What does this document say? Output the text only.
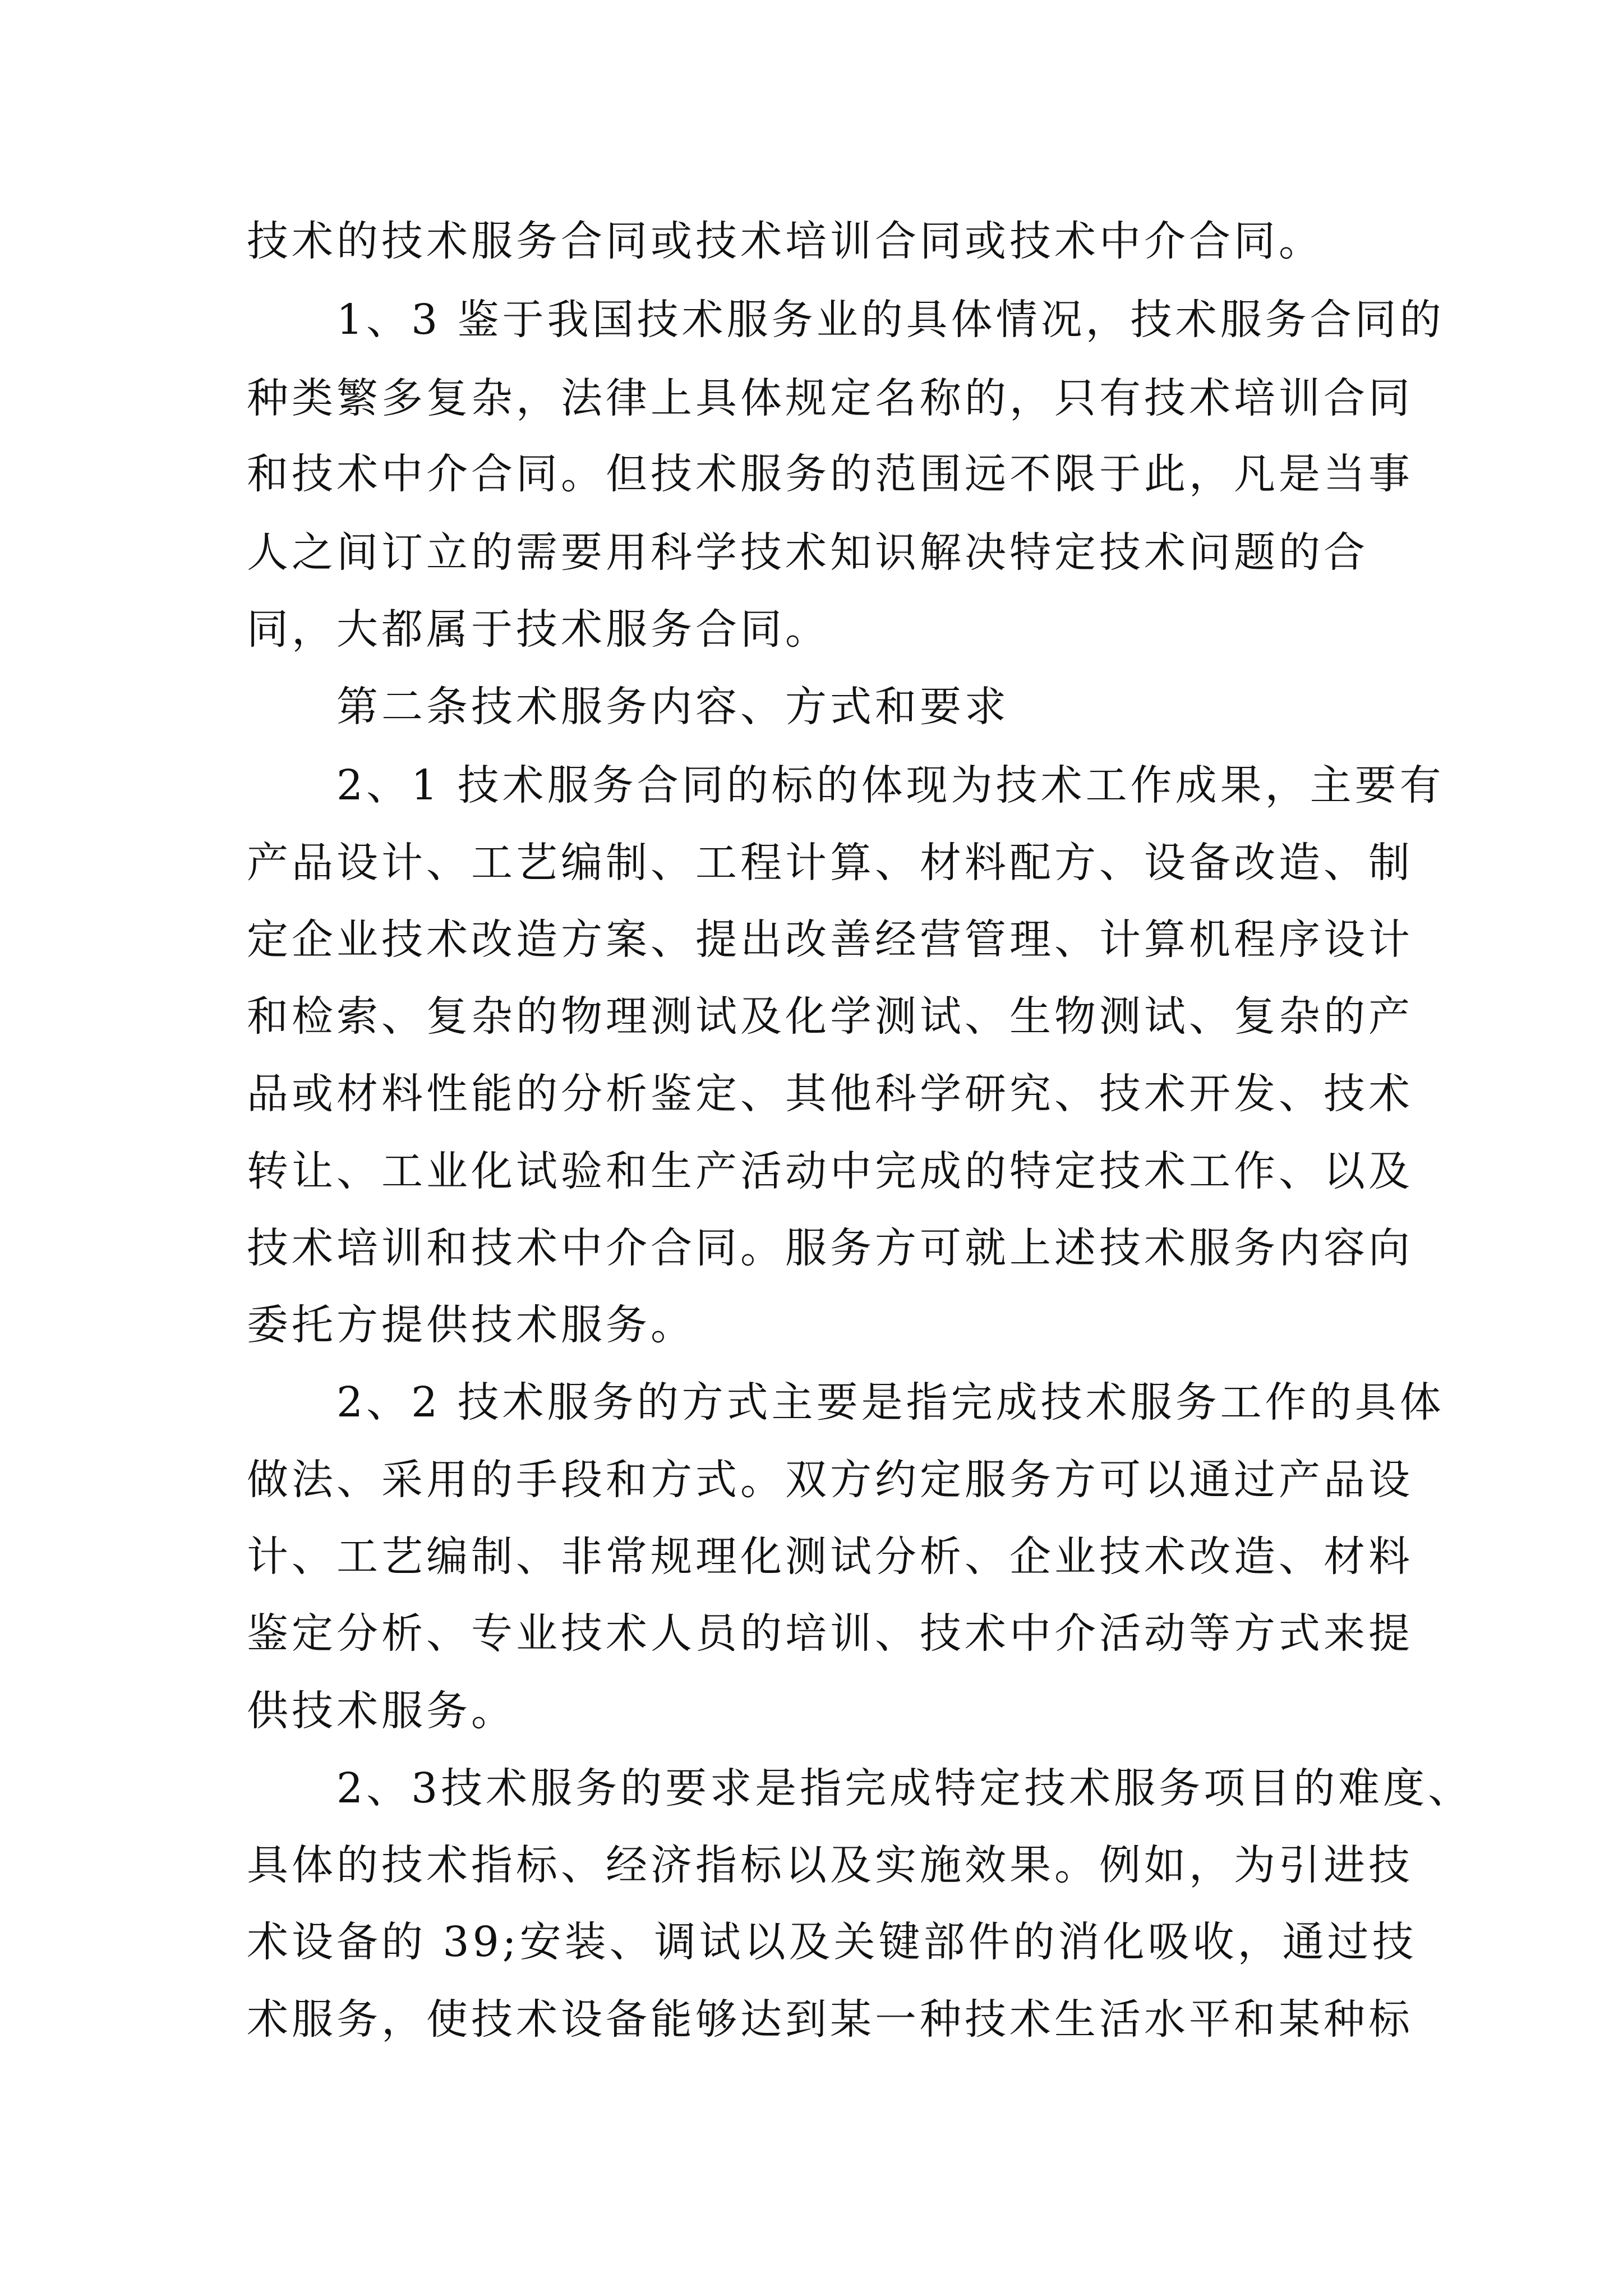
技术的技术服务合同或技术培训合同或技术中介合同。
1、3 鉴于我国技术服务业的具体情况，技术服务合同的
种类繁多复杂，法律上具体规定名称的，只有技术培训合同
和技术中介合同。但技术服务的范围远不限于此，凡是当事
人之间订立的需要用科学技术知识解决特定技术问题的合
同，大都属于技术服务合同。
第二条技术服务内容、方式和要求
2、1 技术服务合同的标的体现为技术工作成果，主要有
产品设计、工艺编制、工程计算、材料配方、设备改造、制
定企业技术改造方案、提出改善经营管理、计算机程序设计
和检索、复杂的物理测试及化学测试、生物测试、复杂的产
品或材料性能的分析鉴定、其他科学研究、技术开发、技术
转让、工业化试验和生产活动中完成的特定技术工作、以及
技术培训和技术中介合同。服务方可就上述技术服务内容向
委托方提供技术服务。
2、2 技术服务的方式主要是指完成技术服务工作的具体
做法、采用的手段和方式。双方约定服务方可以通过产品设
计、工艺编制、非常规理化测试分析、企业技术改造、材料
鉴定分析、专业技术人员的培训、技术中介活动等方式来提
供技术服务。
2、3技术服务的要求是指完成特定技术服务项目的难度、
具体的技术指标、经济指标以及实施效果。例如，为引进技
术设备的 39;安装、调试以及关键部件的消化吸收，通过技
术服务，使技术设备能够达到某一种技术生活水平和某种标
